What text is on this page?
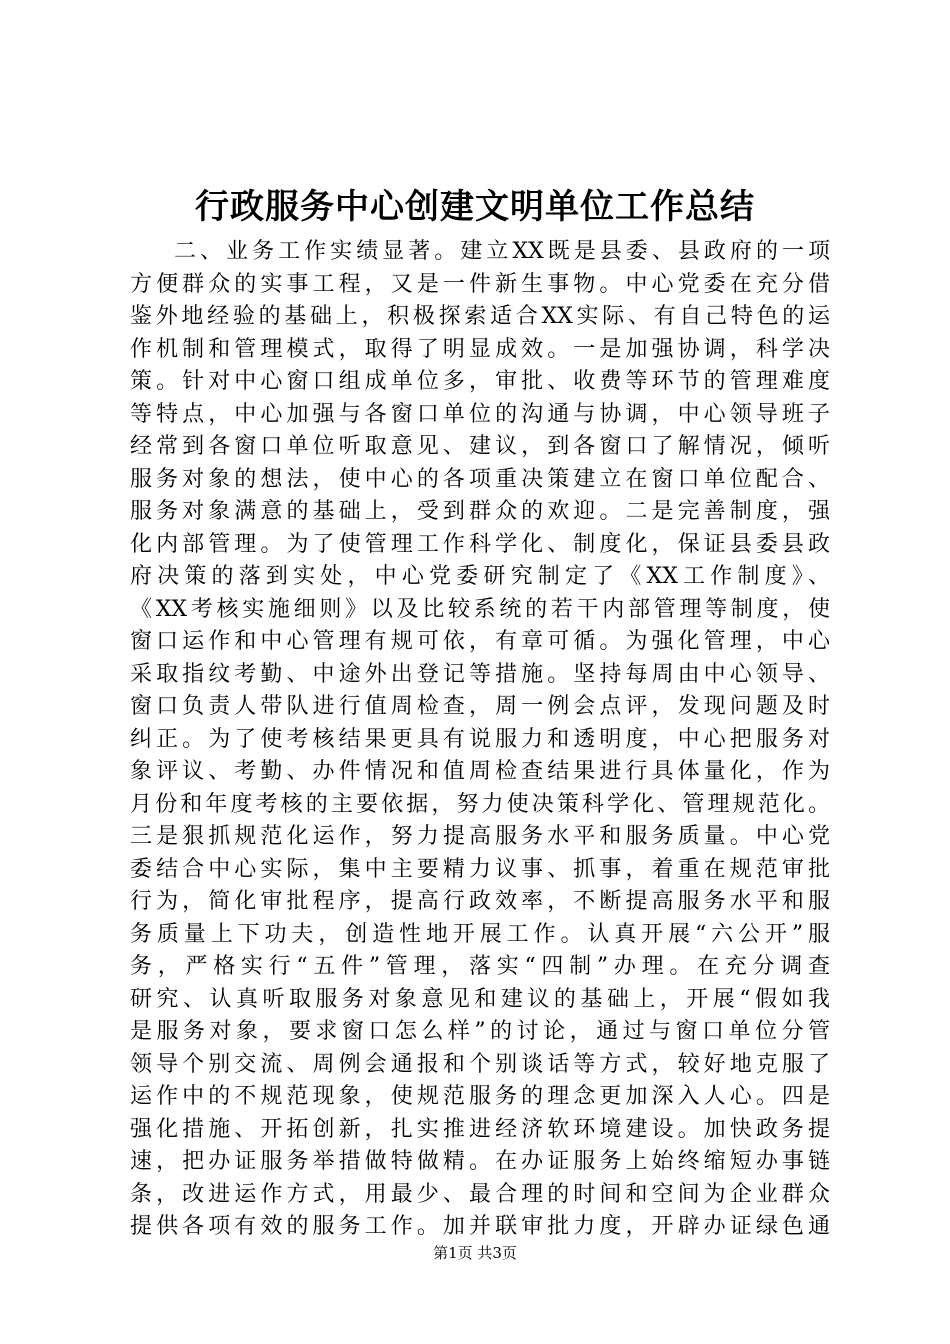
行政服务中心创建文明单位工作总结
二、业务工作实绩显著。建立XX既是县委、县政府的一项
方便群众的实事工程，又是一件新生事物。中心党委在充分借
鉴外地经验的基础上，积极探索适合XX实际、有自己特色的运
作机制和管理模式，取得了明显成效。一是加强协调，科学决
策。针对中心窗口组成单位多，审批、收费等环节的管理难度
等特点，中心加强与各窗口单位的沟通与协调，中心领导班子
经常到各窗口单位听取意见、建议，到各窗口了解情况，倾听
服务对象的想法，使中心的各项重决策建立在窗口单位配合、
服务对象满意的基础上，受到群众的欢迎。二是完善制度，强
化内部管理。为了使管理工作科学化、制度化，保证县委县政
府决策的落到实处，中心党委研究制定了《XX工作制度》、
《XX考核实施细则》以及比较系统的若干内部管理等制度，使
窗口运作和中心管理有规可依，有章可循。为强化管理，中心
采取指纹考勤、中途外出登记等措施。坚持每周由中心领导、
窗口负责人带队进行值周检查，周一例会点评，发现问题及时
纠正。为了使考核结果更具有说服力和透明度，中心把服务对
象评议、考勤、办件情况和值周检查结果进行具体量化，作为
月份和年度考核的主要依据，努力使决策科学化、管理规范化。
三是狠抓规范化运作，努力提高服务水平和服务质量。中心党
委结合中心实际，集中主要精力议事、抓事，着重在规范审批
行为，简化审批程序，提高行政效率，不断提高服务水平和服
务质量上下功夫，创造性地开展工作。认真开展“六公开”服
务，严格实行“五件”管理，落实“四制”办理。在充分调查
研究、认真听取服务对象意见和建议的基础上，开展“假如我
是服务对象，要求窗口怎么样”的讨论，通过与窗口单位分管
领导个别交流、周例会通报和个别谈话等方式，较好地克服了
运作中的不规范现象，使规范服务的理念更加深入人心。四是
强化措施、开拓创新，扎实推进经济软环境建设。加快政务提
速，把办证服务举措做特做精。在办证服务上始终缩短办事链
条，改进运作方式，用最少、最合理的时间和空间为企业群众
提供各项有效的服务工作。加并联审批力度，开辟办证绿色通
第1页 共3页
